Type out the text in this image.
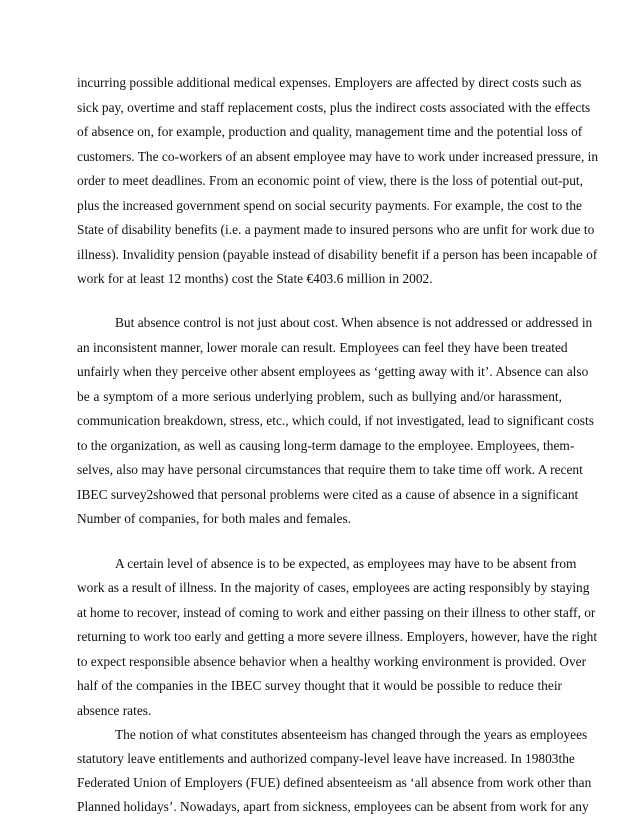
incurring possible additional medical expenses. Employers are affected by direct costs such as
sick pay, overtime and staff replacement costs, plus the indirect costs associated with the effects
of absence on, for example, production and quality, management time and the potential loss of
customers. The co-workers of an absent employee may have to work under increased pressure, in
order to meet deadlines. From an economic point of view, there is the loss of potential out-put,
plus the increased government spend on social security payments. For example, the cost to the
State of disability benefits (i.e. a payment made to insured persons who are unfit for work due to
illness). Invalidity pension (payable instead of disability benefit if a person has been incapable of
work for at least 12 months) cost the State €403.6 million in 2002.
But absence control is not just about cost. When absence is not addressed or addressed in
an inconsistent manner, lower morale can result. Employees can feel they have been treated
unfairly when they perceive other absent employees as ‘getting away with it’. Absence can also
be a symptom of a more serious underlying problem, such as bullying and/or harassment,
communication breakdown, stress, etc., which could, if not investigated, lead to significant costs
to the organization, as well as causing long-term damage to the employee. Employees, them-
selves, also may have personal circumstances that require them to take time off work. A recent
IBEC survey2showed that personal problems were cited as a cause of absence in a significant
Number of companies, for both males and females.
A certain level of absence is to be expected, as employees may have to be absent from
work as a result of illness. In the majority of cases, employees are acting responsibly by staying
at home to recover, instead of coming to work and either passing on their illness to other staff, or
returning to work too early and getting a more severe illness. Employers, however, have the right
to expect responsible absence behavior when a healthy working environment is provided. Over
half of the companies in the IBEC survey thought that it would be possible to reduce their
absence rates.
The notion of what constitutes absenteeism has changed through the years as employees
statutory leave entitlements and authorized company-level leave have increased. In 19803the
Federated Union of Employers (FUE) defined absenteeism as ‘all absence from work other than
Planned holidays’. Nowadays, apart from sickness, employees can be absent from work for any
